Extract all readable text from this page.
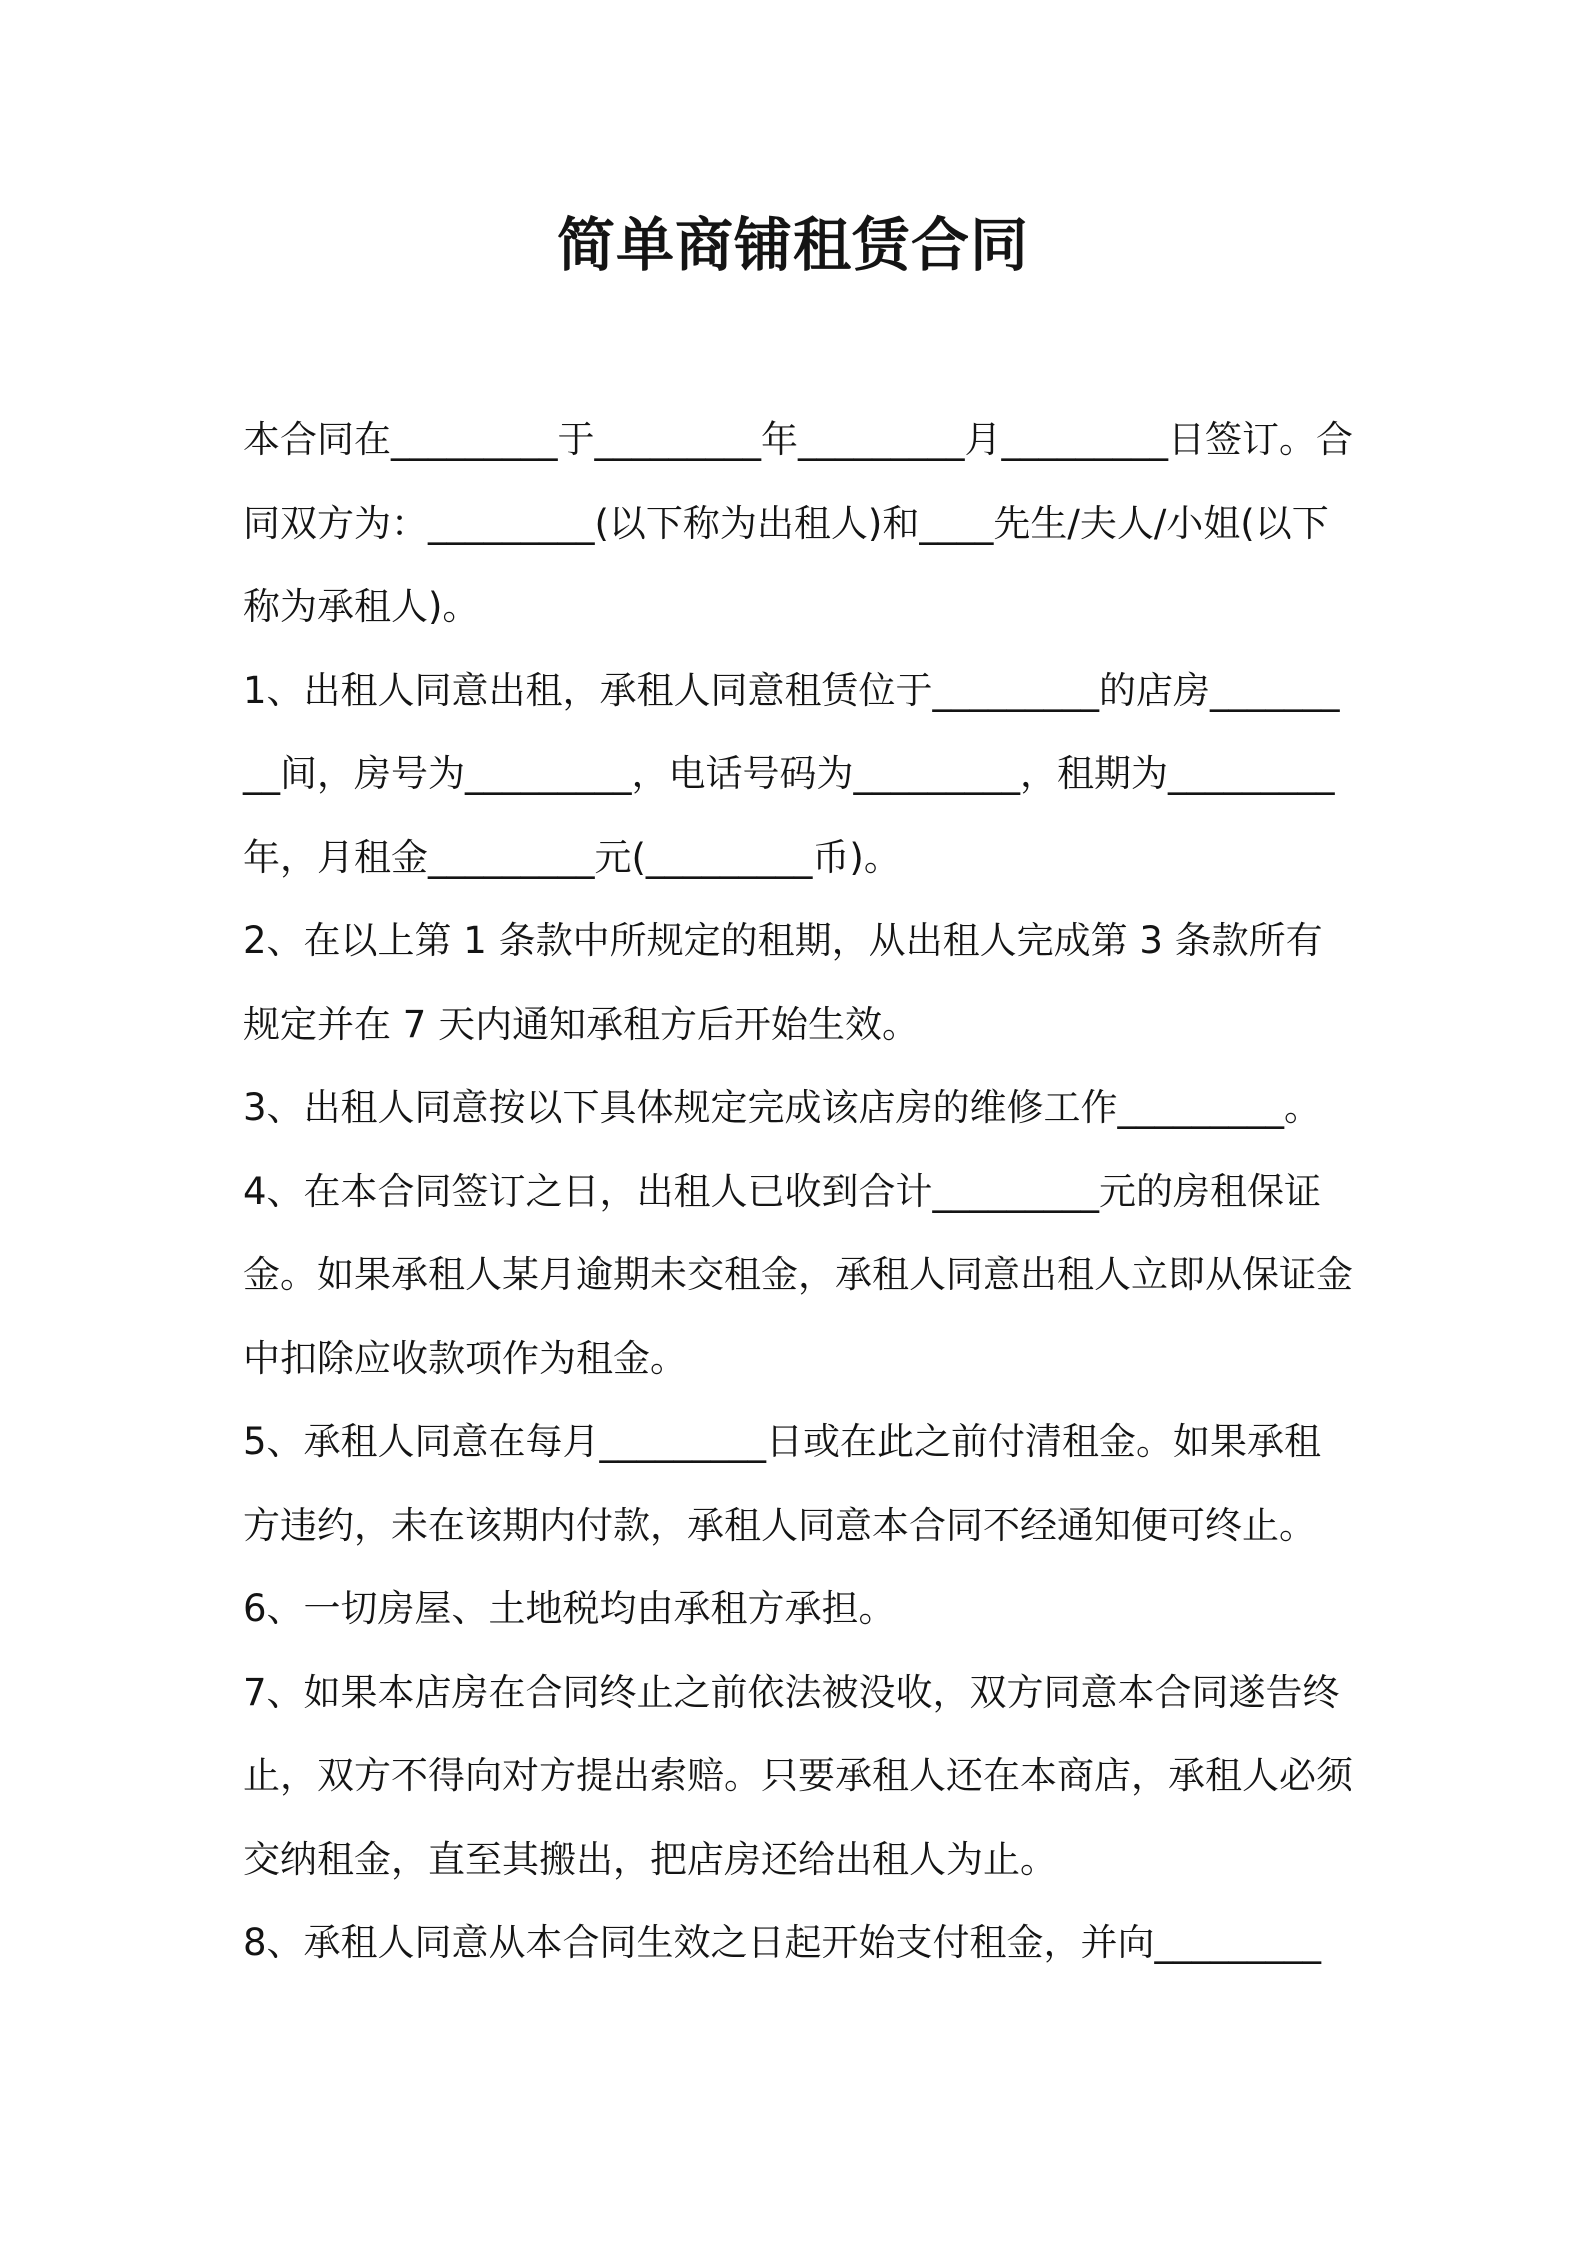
简单商铺租赁合同

本合同在_________于_________年_________月_________日签订。合同双方为：_________(以下称为出租人)和____先生/夫人/小姐(以下称为承租人)。

1、出租人同意出租，承租人同意租赁位于_________的店房_________间，房号为_________，电话号码为_________，租期为_________年，月租金_________元(_________币)。

2、在以上第 1 条款中所规定的租期，从出租人完成第 3 条款所有规定并在 7 天内通知承租方后开始生效。

3、出租人同意按以下具体规定完成该店房的维修工作_________。

4、在本合同签订之日，出租人已收到合计_________元的房租保证金。如果承租人某月逾期未交租金，承租人同意出租人立即从保证金中扣除应收款项作为租金。

5、承租人同意在每月_________日或在此之前付清租金。如果承租方违约，未在该期内付款，承租人同意本合同不经通知便可终止。

6、一切房屋、土地税均由承租方承担。

7、如果本店房在合同终止之前依法被没收，双方同意本合同遂告终止，双方不得向对方提出索赔。只要承租人还在本商店，承租人必须交纳租金，直至其搬出，把店房还给出租人为止。

8、承租人同意从本合同生效之日起开始支付租金，并向_________
